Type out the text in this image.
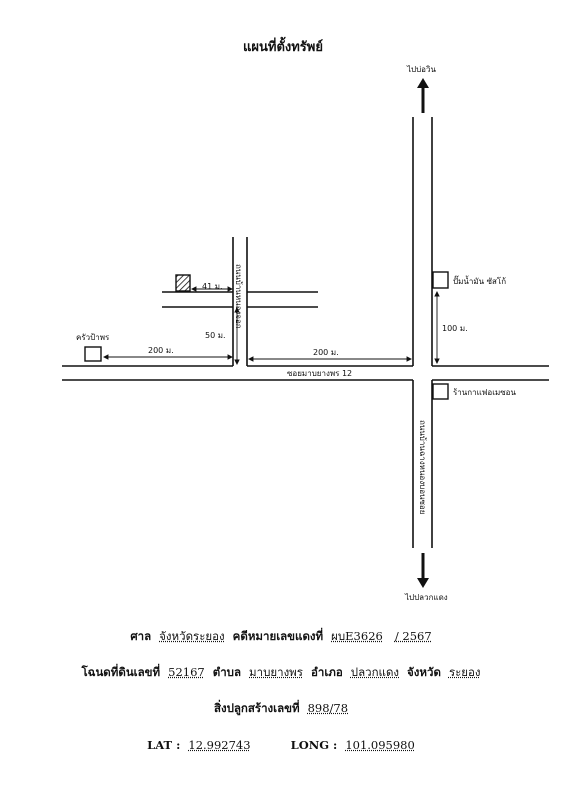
แผนที่ตั้งทรัพย์
ไปบ่อวิน
ไปปลวกแดง
ครัวป้าพร
ปั๊มน้ำมัน ซัสโก้
ร้านกาแฟอเมซอน
ซอยมาบยางพร 12
41 ม.
50 ม.
200 ม.	200 ม.
100 ม.
ถนนบ้านหนองจอก
ถนนบ้านฉางหนองบอนซอย
ศาล จังหวัดระยอง คดีหมายเลขแดงที่ ผบE3626 / 2567
โฉนดที่ดินเลขที่ 52167 ตำบล มาบยางพร อำเภอ ปลวกแดง จังหวัด ระยอง
สิ่งปลูกสร้างเลขที่ 898/78
LAT : 12.992743	LONG : 101.095980
